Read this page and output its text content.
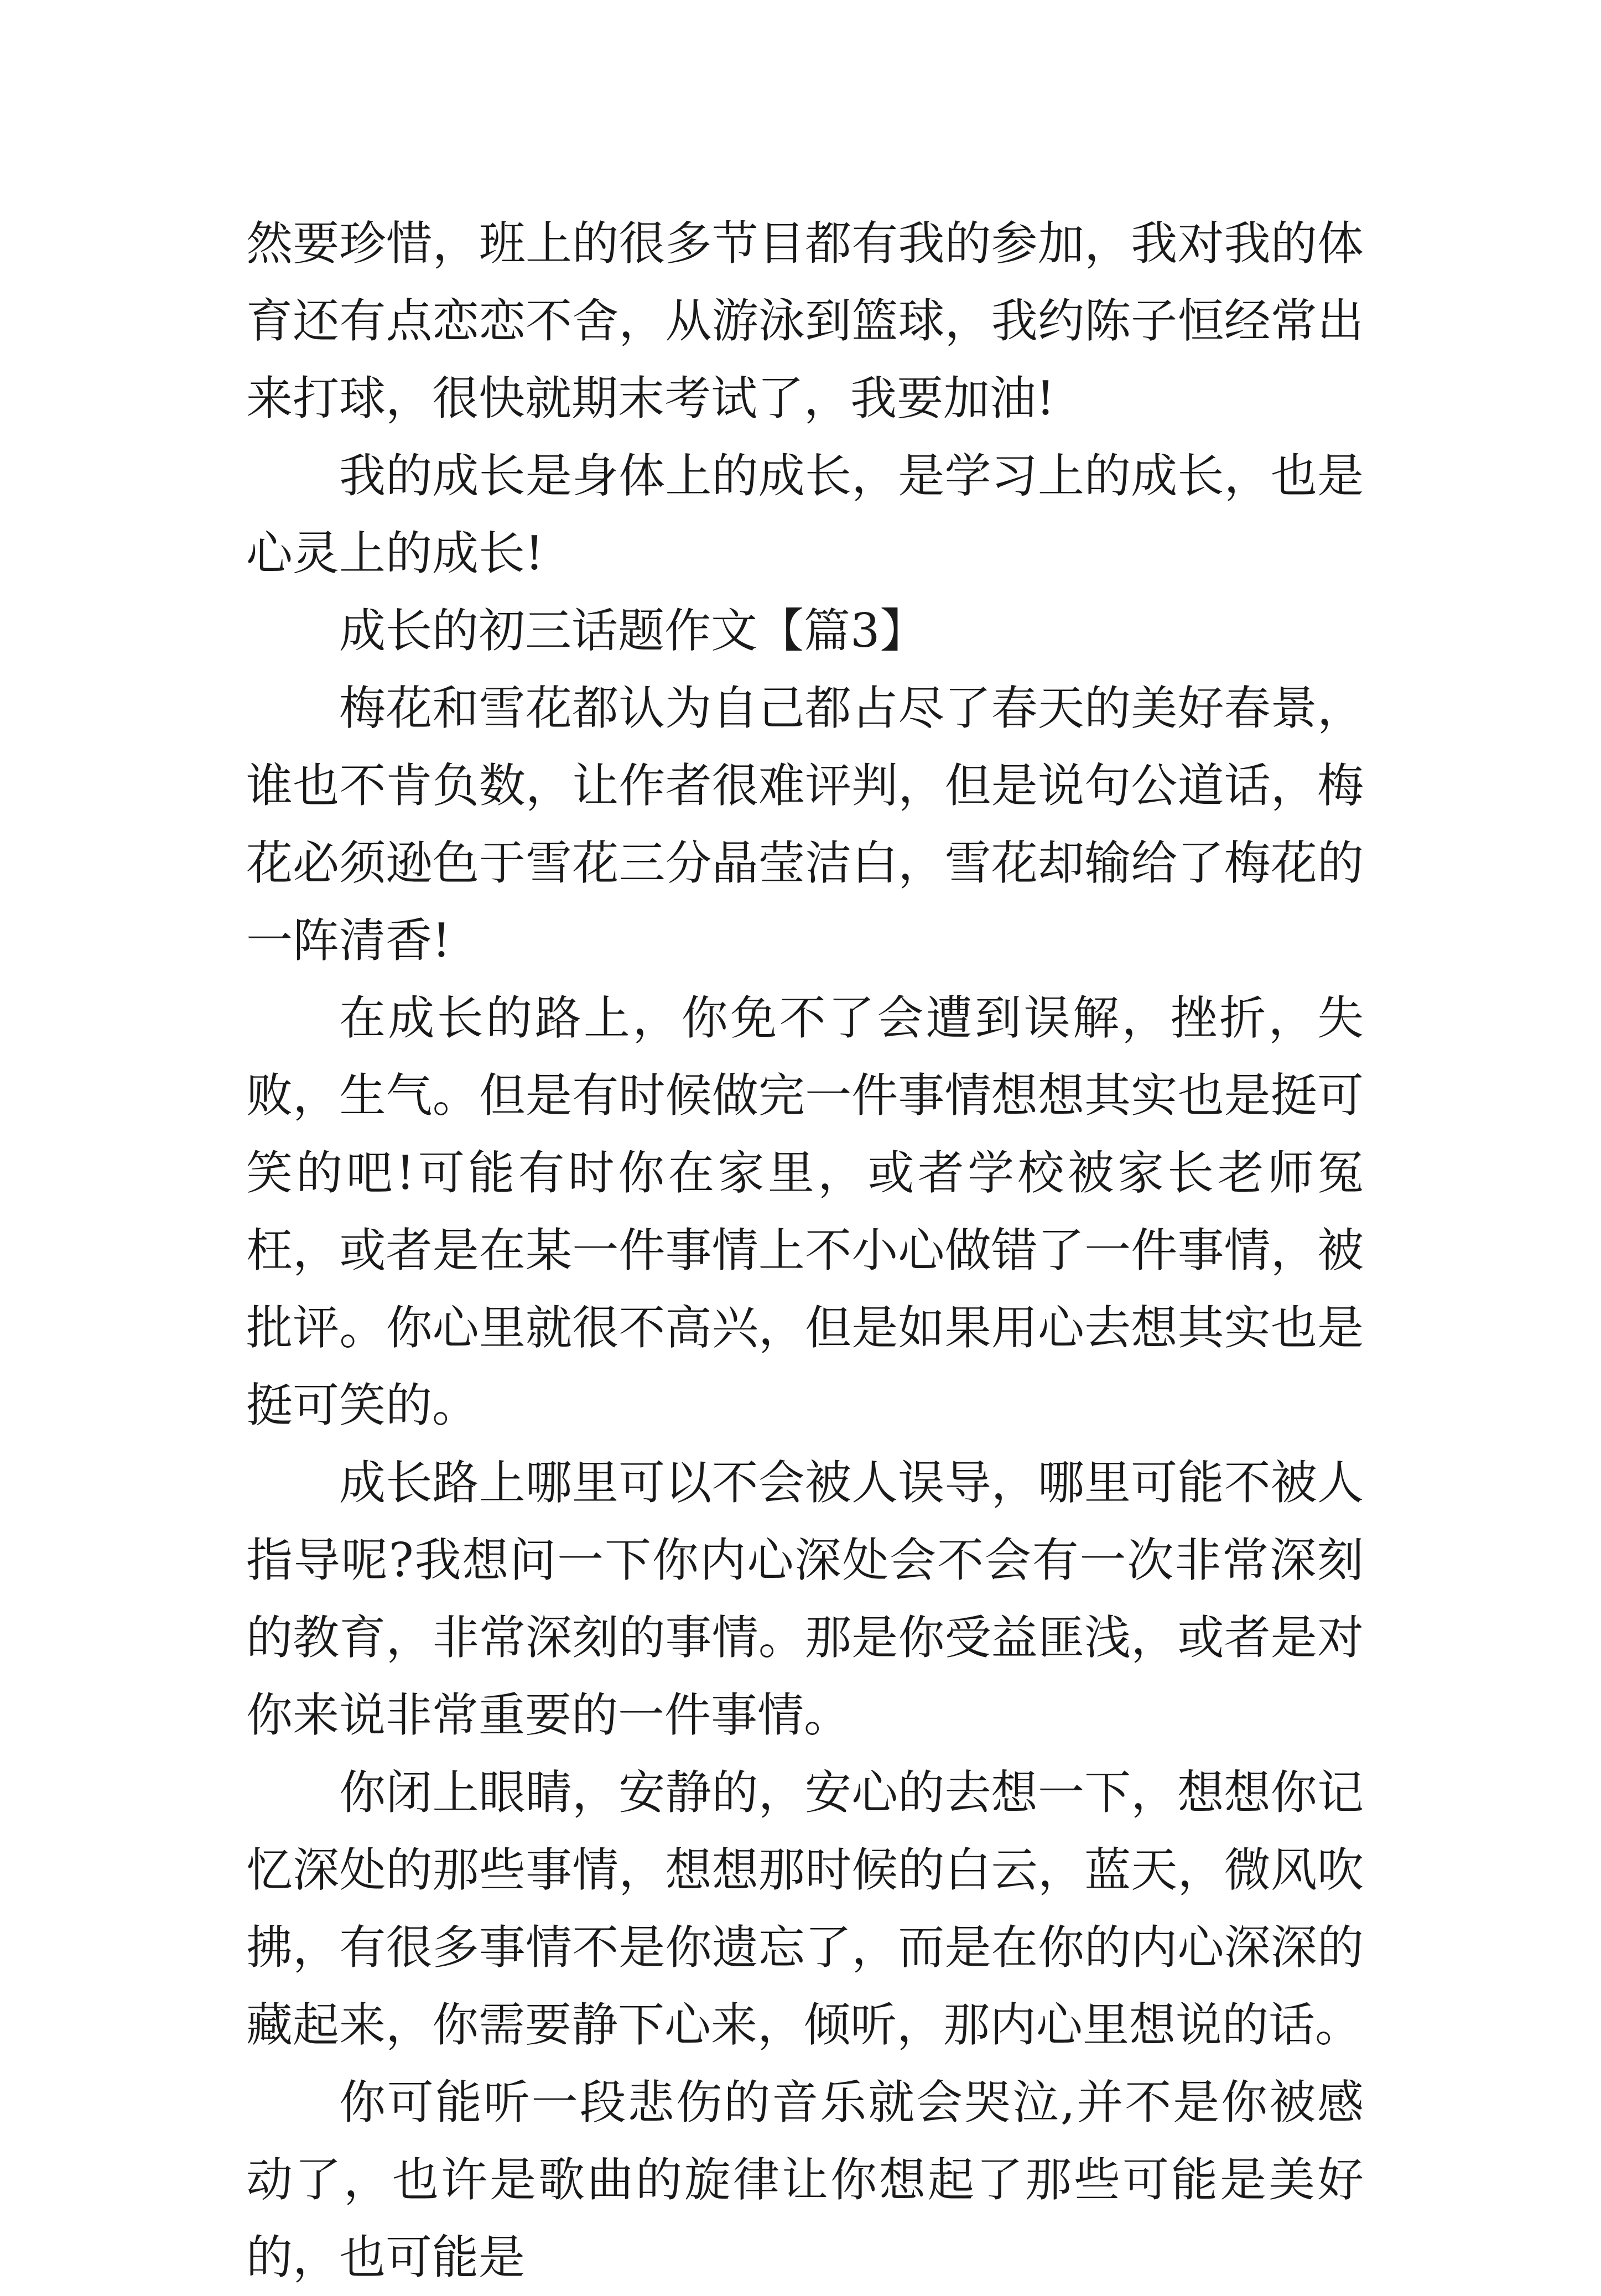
然要珍惜，班上的很多节目都有我的参加，我对我的体育还有点恋恋不舍，从游泳到篮球，我约陈子恒经常出来打球，很快就期末考试了，我要加油!

我的成长是身体上的成长，是学习上的成长，也是心灵上的成长!

成长的初三话题作文【篇3】

梅花和雪花都认为自己都占尽了春天的美好春景，谁也不肯负数，让作者很难评判，但是说句公道话，梅花必须逊色于雪花三分晶莹洁白，雪花却输给了梅花的一阵清香!

在成长的路上，你免不了会遭到误解，挫折，失败，生气。但是有时候做完一件事情想想其实也是挺可笑的吧!可能有时你在家里，或者学校被家长老师冤枉，或者是在某一件事情上不小心做错了一件事情，被批评。你心里就很不高兴，但是如果用心去想其实也是挺可笑的。

成长路上哪里可以不会被人误导，哪里可能不被人指导呢?我想问一下你内心深处会不会有一次非常深刻的教育，非常深刻的事情。那是你受益匪浅，或者是对你来说非常重要的一件事情。

你闭上眼睛，安静的，安心的去想一下，想想你记忆深处的那些事情，想想那时候的白云，蓝天，微风吹拂，有很多事情不是你遗忘了，而是在你的内心深深的藏起来，你需要静下心来，倾听，那内心里想说的话。

你可能听一段悲伤的音乐就会哭泣,并不是你被感动了，也许是歌曲的旋律让你想起了那些可能是美好的，也可能是
